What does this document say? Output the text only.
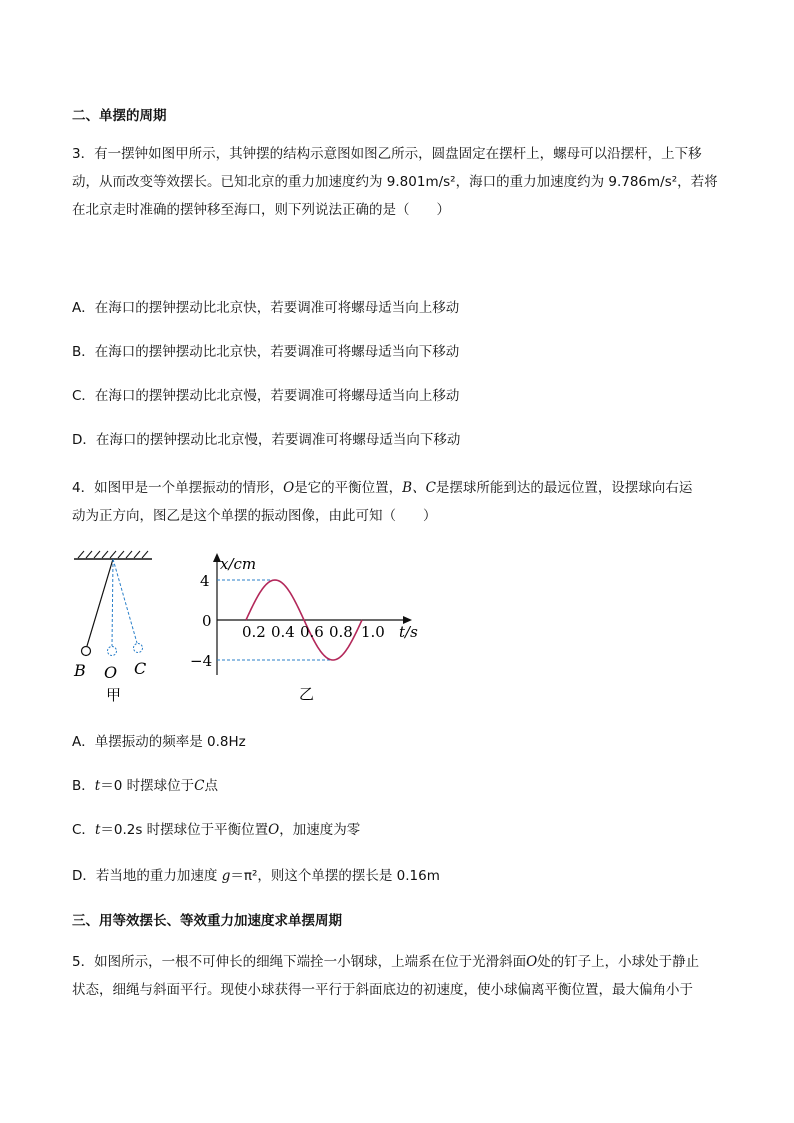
二、单摆的周期
3．有一摆钟如图甲所示，其钟摆的结构示意图如图乙所示，圆盘固定在摆杆上，螺母可以沿摆杆，上下移
动，从而改变等效摆长。已知北京的重力加速度约为 9.801m/s²，海口的重力加速度约为 9.786m/s²，若将
在北京走时准确的摆钟移至海口，则下列说法正确的是（　　）
A．在海口的摆钟摆动比北京快，若要调准可将螺母适当向上移动
B．在海口的摆钟摆动比北京快，若要调准可将螺母适当向下移动
C．在海口的摆钟摆动比北京慢，若要调准可将螺母适当向上移动
D．在海口的摆钟摆动比北京慢，若要调准可将螺母适当向下移动
4．如图甲是一个单摆振动的情形，O是它的平衡位置，B、C是摆球所能到达的最远位置，设摆球向右运
动为正方向，图乙是这个单摆的振动图像，由此可知（　　）
B O C
甲
x/cm
t/s
4
0
−4
0.2 0.4 0.6 0.8 1.0
乙
A．单摆振动的频率是 0.8Hz
B．t＝0 时摆球位于C点
C．t＝0.2s 时摆球位于平衡位置O，加速度为零
D．若当地的重力加速度 g＝π²，则这个单摆的摆长是 0.16m
三、用等效摆长、等效重力加速度求单摆周期
5．如图所示，一根不可伸长的细绳下端拴一小钢球，上端系在位于光滑斜面O处的钉子上，小球处于静止
状态，细绳与斜面平行。现使小球获得一平行于斜面底边的初速度，使小球偏离平衡位置，最大偏角小于
